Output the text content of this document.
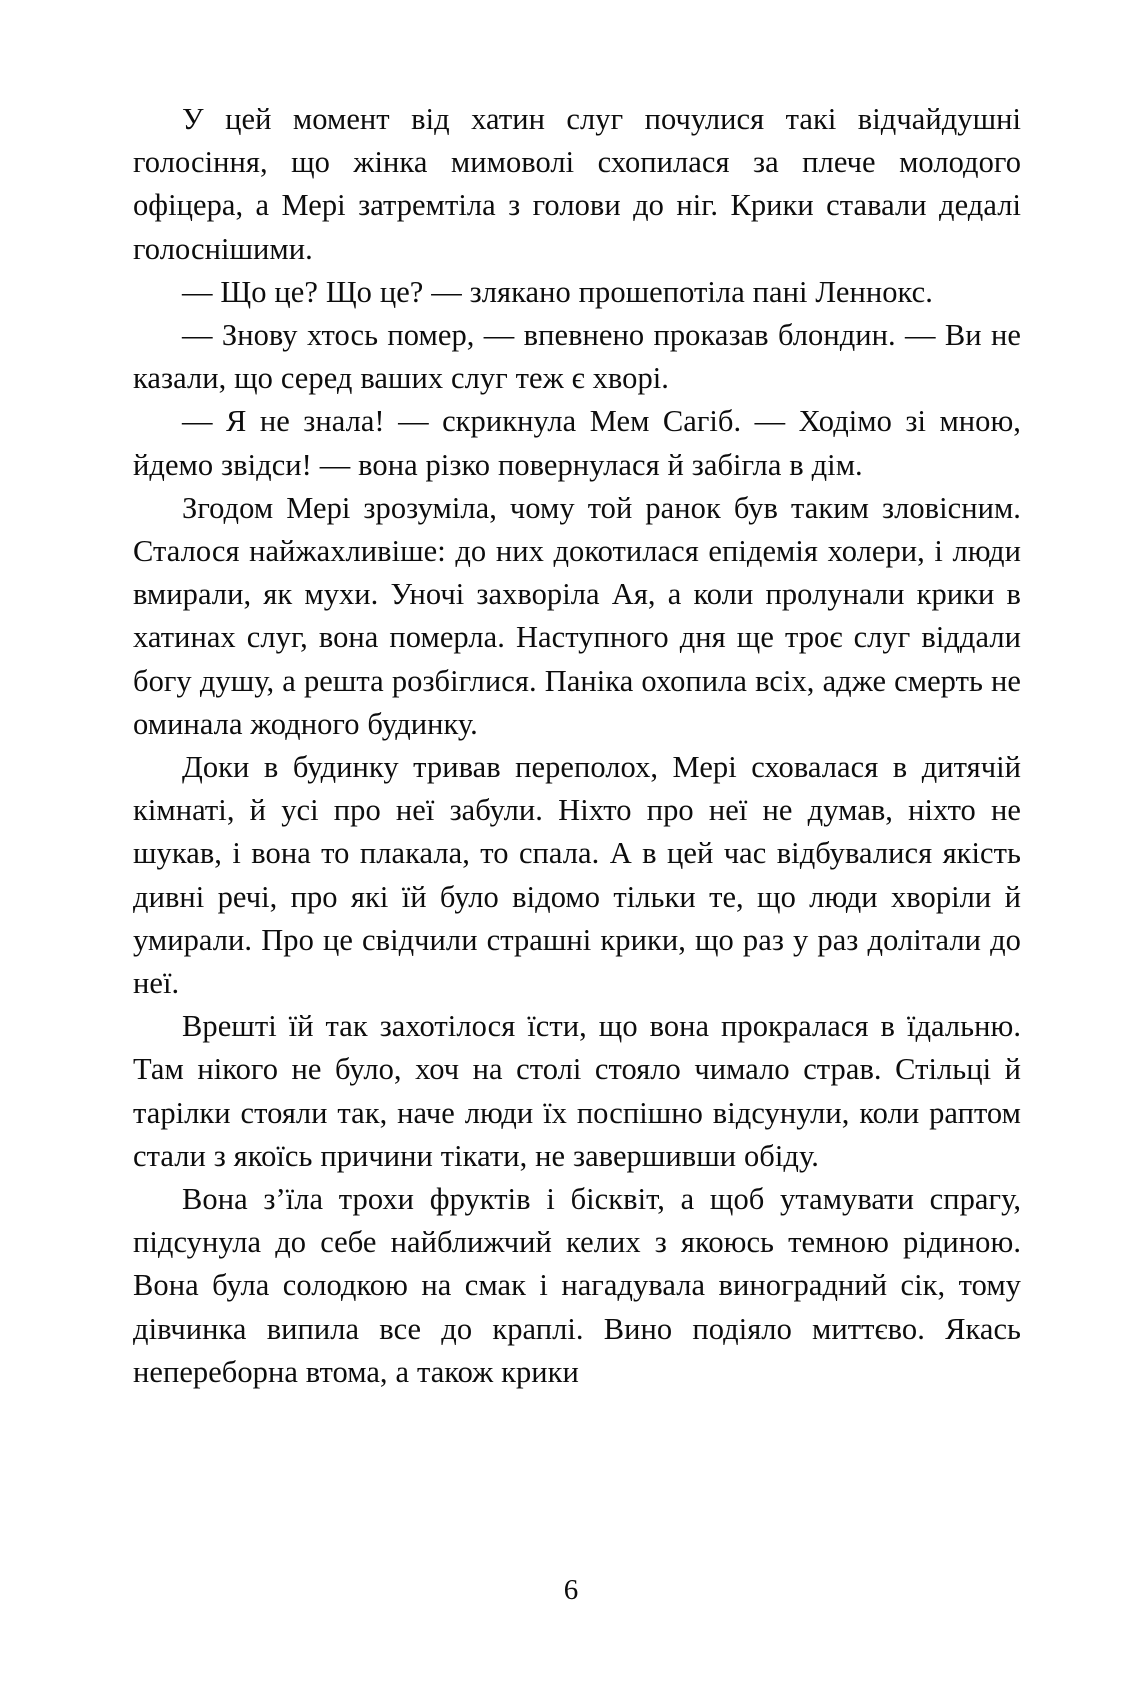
У цей момент від хатин слуг почулися такі відчайдушні голосіння, що жінка мимоволі схопилася за плече молодого офіцера, а Мері затремтіла з голови до ніг. Крики ставали дедалі голоснішими.

— Що це? Що це? — злякано прошепотіла пані Леннокс.

— Знову хтось помер, — впевнено проказав блондин. — Ви не казали, що серед ваших слуг теж є хворі.

— Я не знала! — скрикнула Мем Сагіб. — Ходімо зі мною, йдемо звідси! — вона різко повернулася й забігла в дім.

Згодом Мері зрозуміла, чому той ранок був таким зловісним. Сталося найжахливіше: до них докотилася епідемія холери, і люди вмирали, як мухи. Уночі захворіла Ая, а коли пролунали крики в хатинах слуг, вона померла. Наступного дня ще троє слуг віддали богу душу, а решта розбіглися. Паніка охопила всіх, адже смерть не оминала жодного будинку.

Доки в будинку тривав переполох, Мері сховалася в дитячій кімнаті, й усі про неї забули. Ніхто про неї не думав, ніхто не шукав, і вона то плакала, то спала. А в цей час відбувалися якість дивні речі, про які їй було відомо тільки те, що люди хворіли й умирали. Про це свідчили страшні крики, що раз у раз долітали до неї.

Врешті їй так захотілося їсти, що вона прокралася в їдальню. Там нікого не було, хоч на столі стояло чимало страв. Стільці й тарілки стояли так, наче люди їх поспішно відсунули, коли раптом стали з якоїсь причини тікати, не завершивши обіду.

Вона з’їла трохи фруктів і бісквіт, а щоб утамувати спрагу, підсунула до себе найближчий келих з якоюсь темною рідиною. Вона була солодкою на смак і нагадувала виноградний сік, тому дівчинка випила все до краплі. Вино подіяло миттєво. Якась непереборна втома, а також крики

6
